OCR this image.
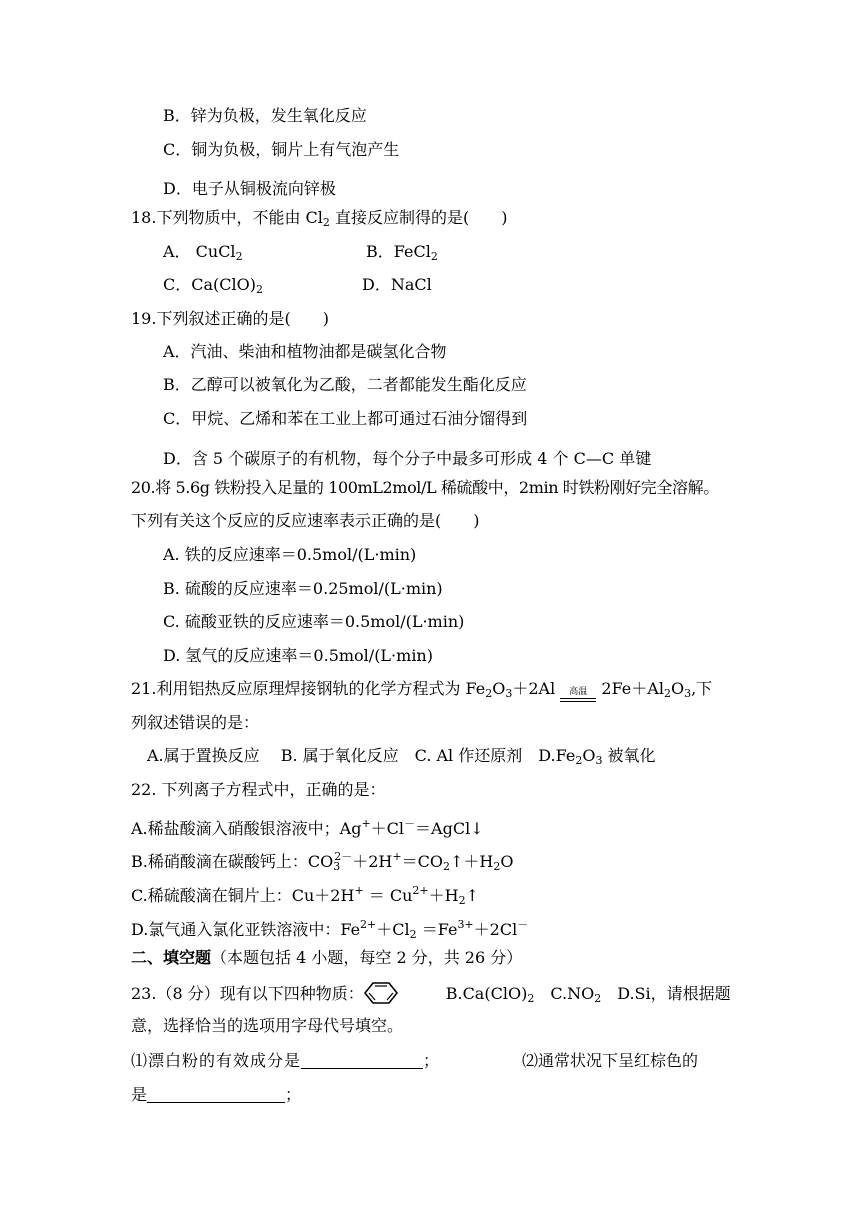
B．锌为负极，发生氧化反应
C．铜为负极，铜片上有气泡产生
D．电子从铜极流向锌极
18.下列物质中，不能由 $Cl_2$ 直接反应制得的是(　　)
A． CuCl$_2$	B．FeCl$_2$
C．$Ca(ClO)_2$	D．NaCl
19.下列叙述正确的是(　　)
A．汽油、柴油和植物油都是碳氢化合物
B．乙醇可以被氧化为乙酸，二者都能发生酯化反应
C．甲烷、乙烯和苯在工业上都可通过石油分馏得到
D．含 5 个碳原子的有机物，每个分子中最多可形成 4 个 C—C 单键
20.将 5.6g 铁粉投入足量的 100mL2mol/L 稀硫酸中，2min 时铁粉刚好完全溶解。
下列有关这个反应的反应速率表示正确的是(　　)
A. 铁的反应速率＝0.5mol/(L·min)
B. 硫酸的反应速率＝0.25mol/(L·min)
C. 硫酸亚铁的反应速率＝0.5mol/(L·min)
D. 氢气的反应速率＝0.5mol/(L·min)
21.利用铝热反应原理焊接钢轨的化学方程式为 $Fe_2O_3+2Al$ 高温 $2Fe+Al_2O_3$,下
列叙述错误的是：
A.属于置换反应　 B. 属于氧化反应　C. Al 作还原剂　$D.Fe_2O_3$ 被氧化
22. 下列离子方程式中，正确的是：
A.稀盐酸滴入硝酸银溶液中；Ag+＋Cl－＝AgCl↓
B.稀硝酸滴在碳酸钙上：$CO_3^{2-}+2H^+=CO_2↑+H_2O$
C.稀硫酸滴在铜片上：$Cu+2H^+ = Cu^{2+}+H_2↑$
D.氯气通入氯化亚铁溶液中：$Fe^{2+}+Cl_2 =Fe^{3+}+2Cl^-$
二、填空题（本题包括 4 小题，每空 2 分，共 26 分）
23.（8 分）现有以下四种物质：　　　$B.Ca(ClO)_2$　$C.NO_2$　D.Si，请根据题
意，选择恰当的选项用字母代号填空。
⑴漂白粉的有效成分是	；	⑵通常状况下呈红棕色的
是	；
